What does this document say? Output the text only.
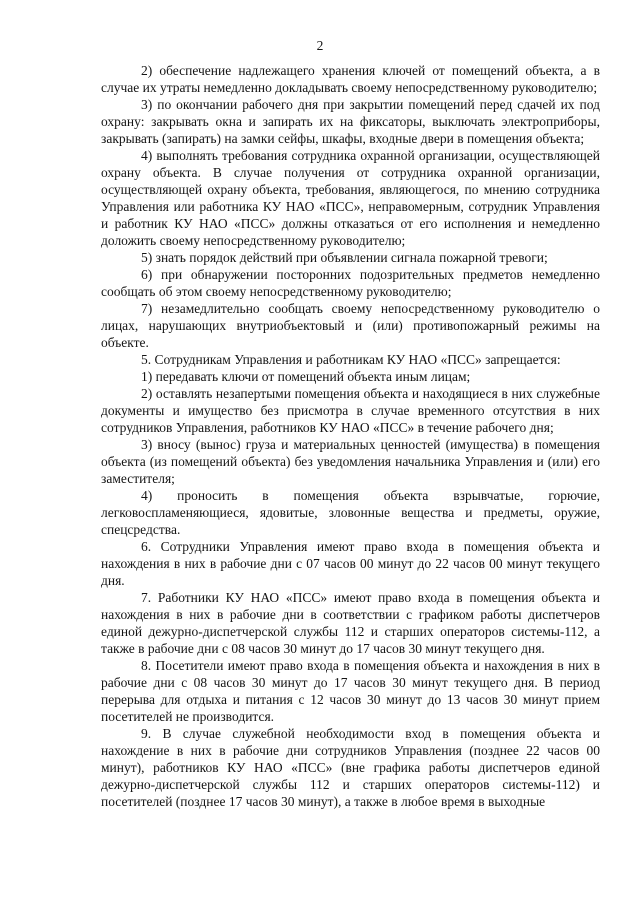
2

2) обеспечение надлежащего хранения ключей от помещений объекта, а в случае их утраты немедленно докладывать своему непосредственному руководителю;

3) по окончании рабочего дня при закрытии помещений перед сдачей их под охрану: закрывать окна и запирать их на фиксаторы, выключать электроприборы, закрывать (запирать) на замки сейфы, шкафы, входные двери в помещения объекта;

4) выполнять требования сотрудника охранной организации, осуществляющей охрану объекта. В случае получения от сотрудника охранной организации, осуществляющей охрану объекта, требования, являющегося, по мнению сотрудника Управления или работника КУ НАО «ПСС», неправомерным, сотрудник Управления и работник КУ НАО «ПСС» должны отказаться от его исполнения и немедленно доложить своему непосредственному руководителю;

5) знать порядок действий при объявлении сигнала пожарной тревоги;

6) при обнаружении посторонних подозрительных предметов немедленно сообщать об этом своему непосредственному руководителю;

7) незамедлительно сообщать своему непосредственному руководителю о лицах, нарушающих внутриобъектовый и (или) противопожарный режимы на объекте.

5. Сотрудникам Управления и работникам КУ НАО «ПСС» запрещается:

1) передавать ключи от помещений объекта иным лицам;

2) оставлять незапертыми помещения объекта и находящиеся в них служебные документы и имущество без присмотра в случае временного отсутствия в них сотрудников Управления, работников КУ НАО «ПСС» в течение рабочего дня;

3) вносу (вынос) груза и материальных ценностей (имущества) в помещения объекта (из помещений объекта) без уведомления начальника Управления и (или) его заместителя;

4) проносить в помещения объекта взрывчатые, горючие, легковоспламеняющиеся, ядовитые, зловонные вещества и предметы, оружие, спецсредства.

6. Сотрудники Управления имеют право входа в помещения объекта и нахождения в них в рабочие дни с 07 часов 00 минут до 22 часов 00 минут текущего дня.

7. Работники КУ НАО «ПСС» имеют право входа в помещения объекта и нахождения в них в рабочие дни в соответствии с графиком работы диспетчеров единой дежурно-диспетчерской службы 112 и старших операторов системы-112, а также в рабочие дни с 08 часов 30 минут до 17 часов 30 минут текущего дня.

8. Посетители имеют право входа в помещения объекта и нахождения в них в рабочие дни с 08 часов 30 минут до 17 часов 30 минут текущего дня. В период перерыва для отдыха и питания с 12 часов 30 минут до 13 часов 30 минут прием посетителей не производится.

9. В случае служебной необходимости вход в помещения объекта и нахождение в них в рабочие дни сотрудников Управления (позднее 22 часов 00 минут), работников КУ НАО «ПСС» (вне графика работы диспетчеров единой дежурно-диспетчерской службы 112 и старших операторов системы-112) и посетителей (позднее 17 часов 30 минут), а также в любое время в выходные
